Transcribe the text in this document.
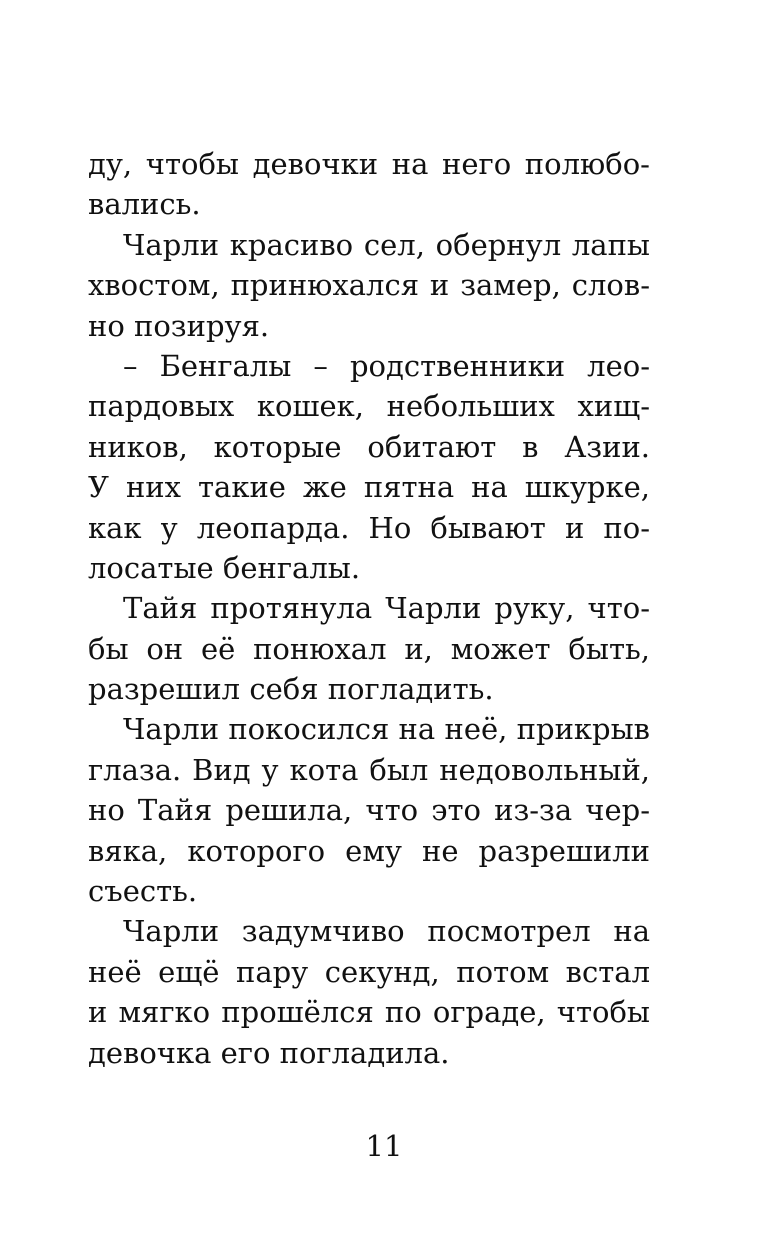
ду, чтобы девочки на него полюбо-
вались.
Чарли красиво сел, обернул лапы
хвостом, принюхался и замер, слов-
но позируя.
– Бенгалы – родственники лео-
пардовых кошек, небольших хищ-
ников, которые обитают в Азии.
У них такие же пятна на шкурке,
как у леопарда. Но бывают и по-
лосатые бенгалы.
Тайя протянула Чарли руку, что-
бы он её понюхал и, может быть,
разрешил себя погладить.
Чарли покосился на неё, прикрыв
глаза. Вид у кота был недовольный,
но Тайя решила, что это из-за чер-
вяка, которого ему не разрешили
съесть.
Чарли задумчиво посмотрел на
неё ещё пару секунд, потом встал
и мягко прошёлся по ограде, чтобы
девочка его погладила.
11
